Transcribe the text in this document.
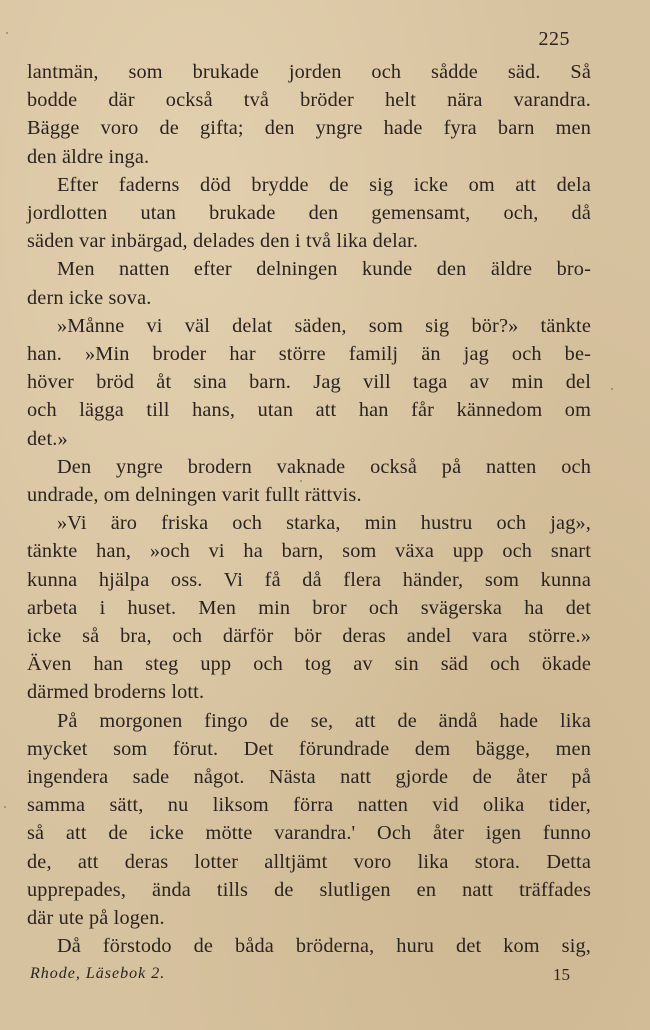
225
lantmän, som brukade jorden och sådde säd. Så
bodde där också två bröder helt nära varandra.
Bägge voro de gifta; den yngre hade fyra barn men
den äldre inga.
Efter faderns död brydde de sig icke om att dela
jordlotten utan brukade den gemensamt, och, då
säden var inbärgad, delades den i två lika delar.
Men natten efter delningen kunde den äldre bro-
dern icke sova.
»Månne vi väl delat säden, som sig bör?» tänkte
han. »Min broder har större familj än jag och be-
höver bröd åt sina barn. Jag vill taga av min del
och lägga till hans, utan att han får kännedom om
det.»
Den yngre brodern vaknade också på natten och
undrade, om delningen varit fullt rättvis.
»Vi äro friska och starka, min hustru och jag»,
tänkte han, »och vi ha barn, som växa upp och snart
kunna hjälpa oss. Vi få då flera händer, som kunna
arbeta i huset. Men min bror och svägerska ha det
icke så bra, och därför bör deras andel vara större.»
Även han steg upp och tog av sin säd och ökade
därmed broderns lott.
På morgonen fingo de se, att de ändå hade lika
mycket som förut. Det förundrade dem bägge, men
ingendera sade något. Nästa natt gjorde de åter på
samma sätt, nu liksom förra natten vid olika tider,
så att de icke mötte varandra.' Och åter igen funno
de, att deras lotter alltjämt voro lika stora. Detta
upprepades, ända tills de slutligen en natt träffades
där ute på logen.
Då förstodo de båda bröderna, huru det kom sig,
Rhode, Läsebok 2.	15
